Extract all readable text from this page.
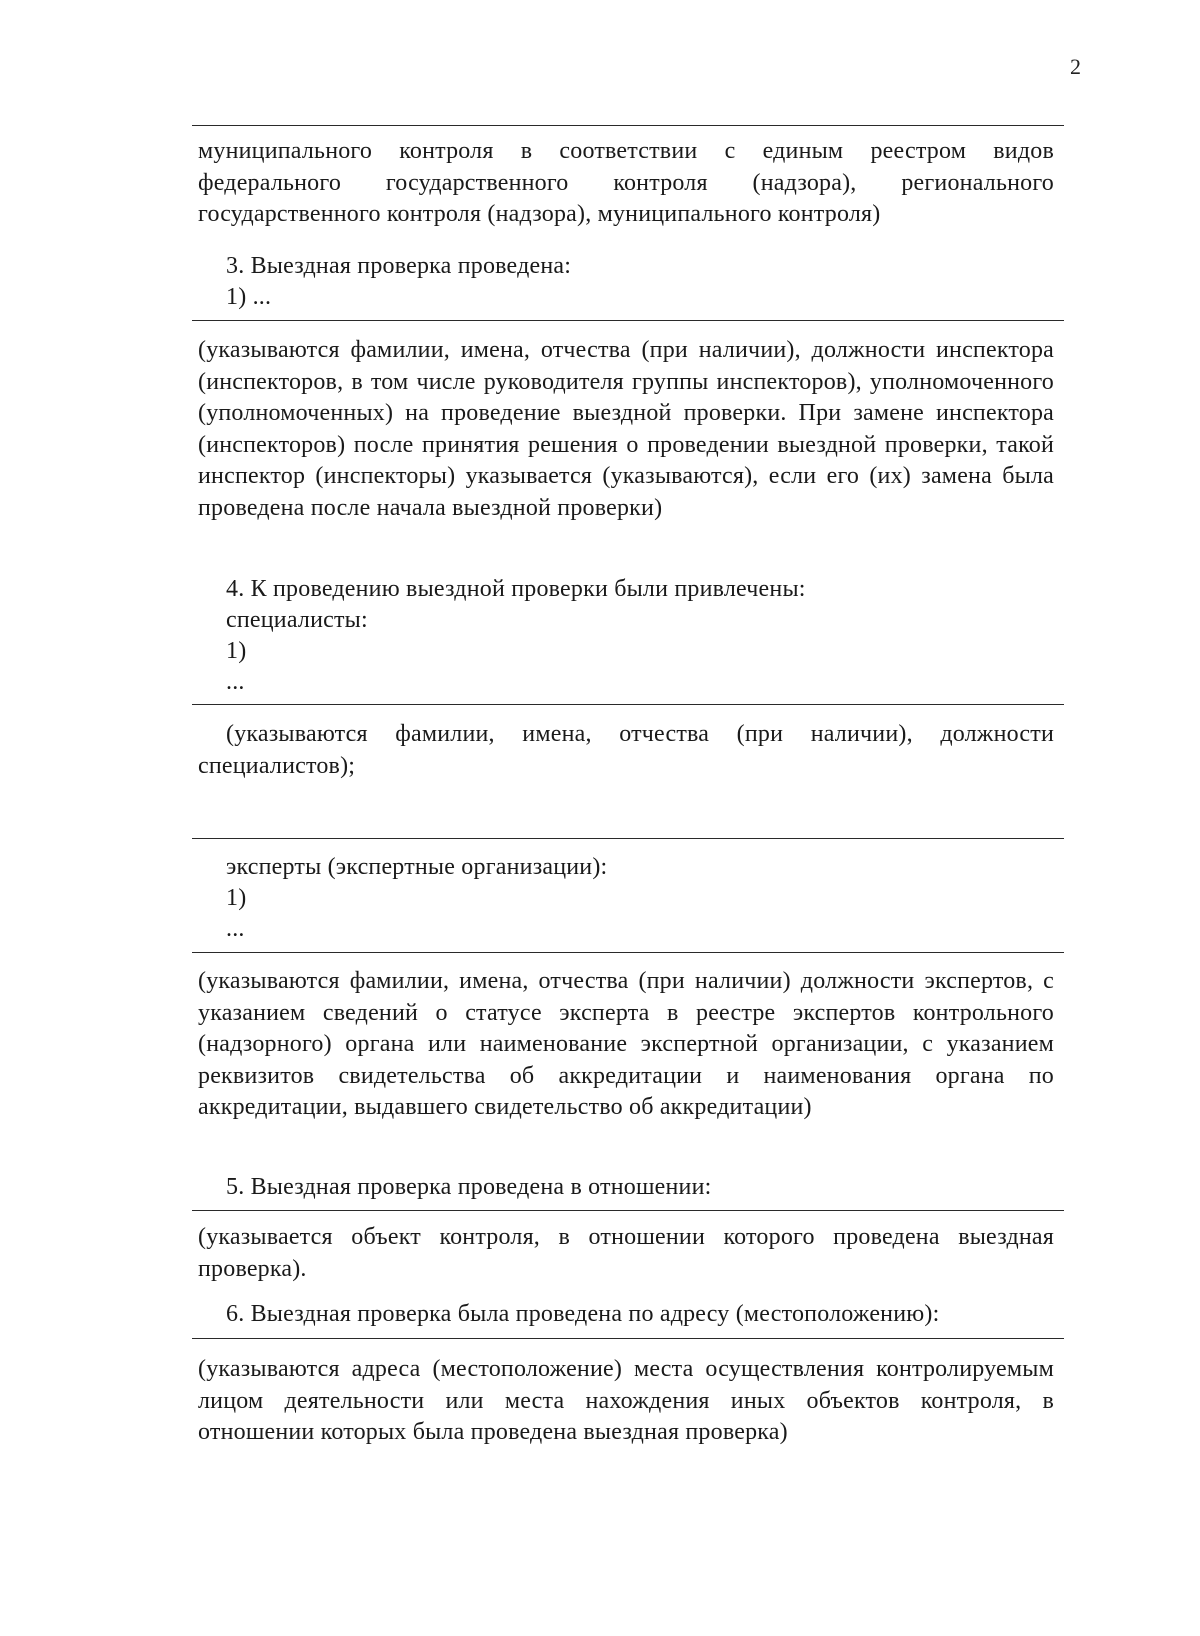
2
муниципального контроля в соответствии с единым реестром видов федерального государственного контроля (надзора), регионального государственного контроля (надзора), муниципального контроля)
3. Выездная проверка проведена:
1) ...
(указываются фамилии, имена, отчества (при наличии), должности инспектора (инспекторов, в том числе руководителя группы инспекторов), уполномоченного (уполномоченных) на проведение выездной проверки. При замене инспектора (инспекторов) после принятия решения о проведении выездной проверки, такой инспектор (инспекторы) указывается (указываются), если его (их) замена была проведена после начала выездной проверки)
4. К проведению выездной проверки были привлечены:
специалисты:
1)
...
(указываются фамилии, имена, отчества (при наличии), должности специалистов);
эксперты (экспертные организации):
1)
...
(указываются фамилии, имена, отчества (при наличии) должности экспертов, с указанием сведений о статусе эксперта в реестре экспертов контрольного (надзорного) органа или наименование экспертной организации, с указанием реквизитов свидетельства об аккредитации и наименования органа по аккредитации, выдавшего свидетельство об аккредитации)
5. Выездная проверка проведена в отношении:
(указывается объект контроля, в отношении которого проведена выездная проверка).
6. Выездная проверка была проведена по адресу (местоположению):
(указываются адреса (местоположение) места осуществления контролируемым лицом деятельности или места нахождения иных объектов контроля, в отношении которых была проведена выездная проверка)
